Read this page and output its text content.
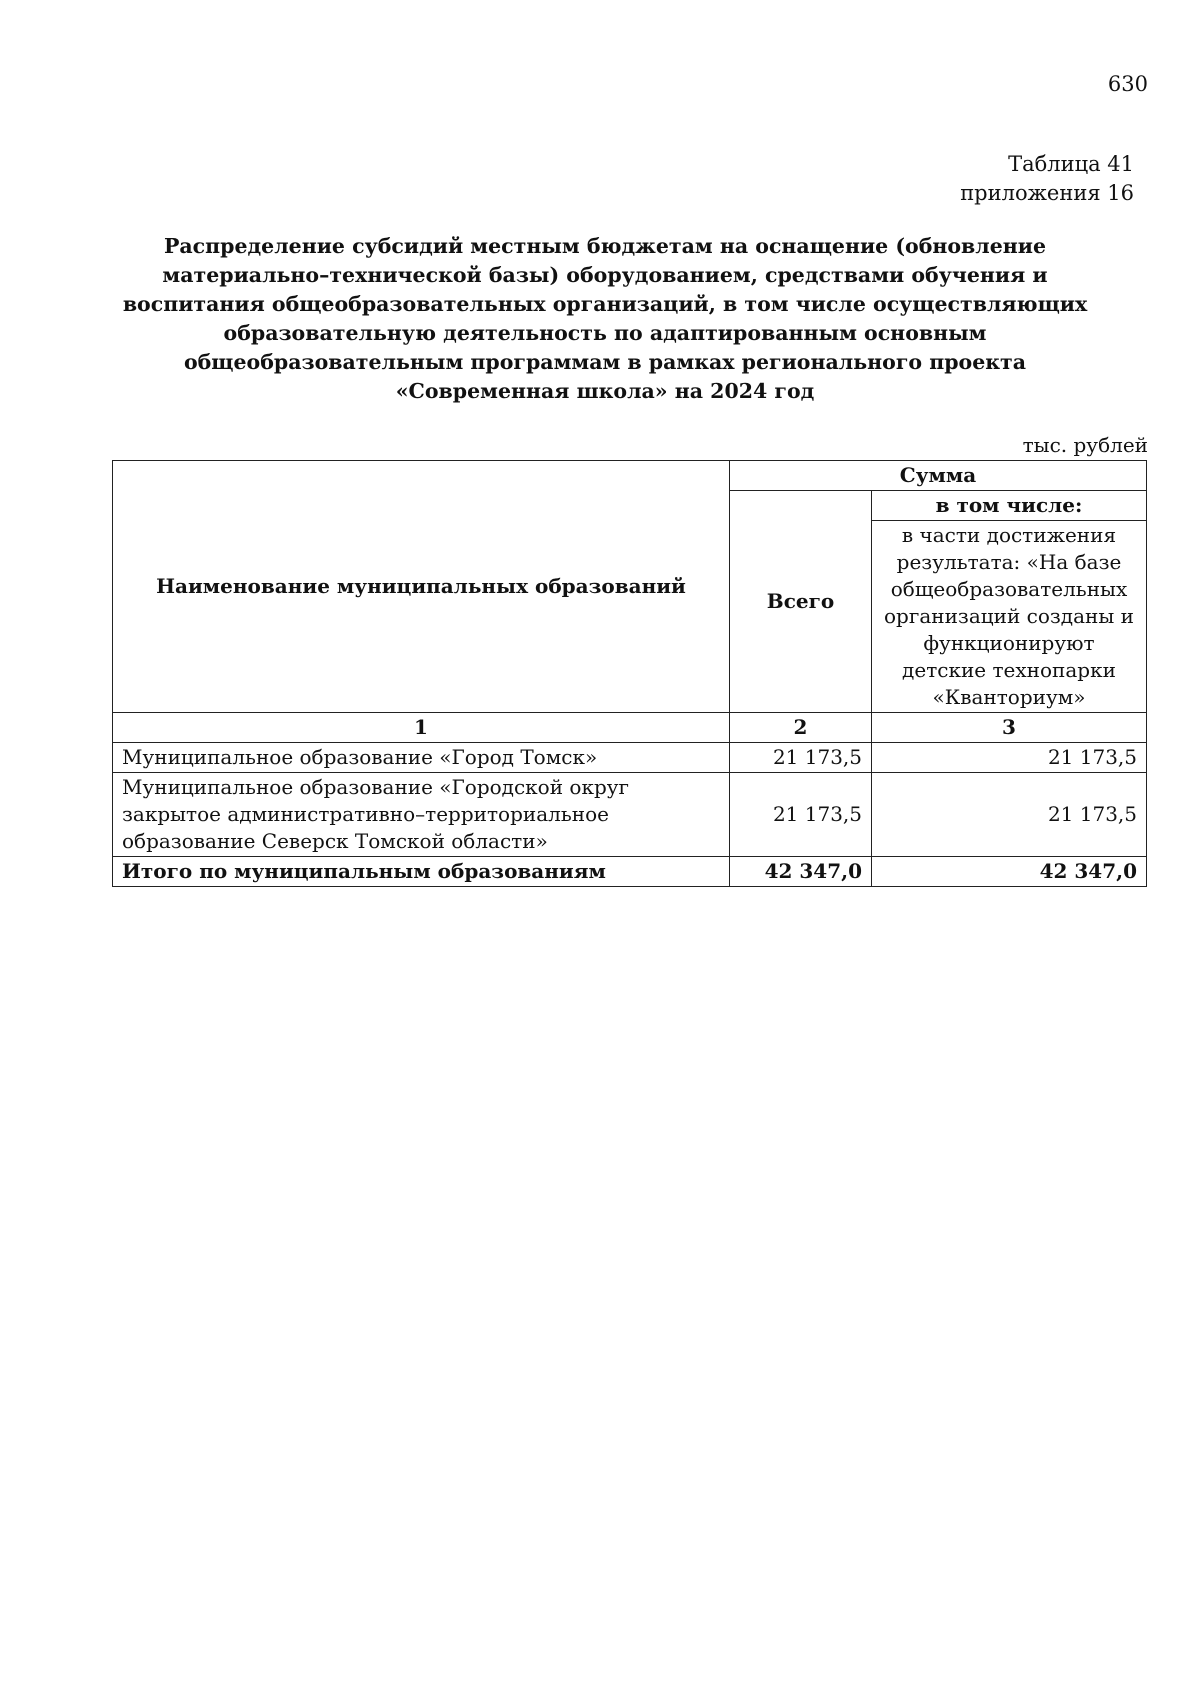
630
Таблица 41
приложения 16
Распределение субсидий местным бюджетам на оснащение (обновление материально–технической базы) оборудованием, средствами обучения и воспитания общеобразовательных организаций, в том числе осуществляющих образовательную деятельность по адаптированным основным общеобразовательным программам в рамках регионального проекта «Современная школа» на 2024 год
тыс. рублей
Наименование муниципальных образований	Сумма	
	Всего	в том числе:
		в части достижения результата: «На базе общеобразовательных организаций созданы и функционируют детские технопарки «Кванториум»
1	2	3
Муниципальное образование «Город Томск»	21 173,5	21 173,5
Муниципальное образование «Городской округ закрытое административно–территориальное образование Северск Томской области»	21 173,5	21 173,5
Итого по муниципальным образованиям	42 347,0	42 347,0
